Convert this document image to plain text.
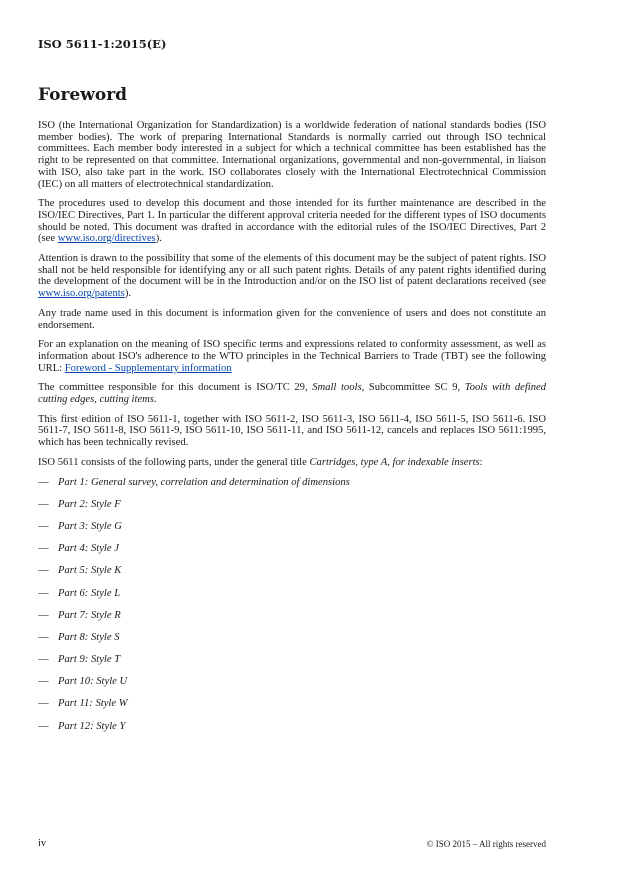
ISO 5611-1:2015(E)
Foreword

ISO (the International Organization for Standardization) is a worldwide federation of national standards bodies (ISO member bodies). The work of preparing International Standards is normally carried out through ISO technical committees. Each member body interested in a subject for which a technical committee has been established has the right to be represented on that committee. International organizations, governmental and non-governmental, in liaison with ISO, also take part in the work. ISO collaborates closely with the International Electrotechnical Commission (IEC) on all matters of electrotechnical standardization.

The procedures used to develop this document and those intended for its further maintenance are described in the ISO/IEC Directives, Part 1. In particular the different approval criteria needed for the different types of ISO documents should be noted. This document was drafted in accordance with the editorial rules of the ISO/IEC Directives, Part 2 (see www.iso.org/directives).

Attention is drawn to the possibility that some of the elements of this document may be the subject of patent rights. ISO shall not be held responsible for identifying any or all such patent rights. Details of any patent rights identified during the development of the document will be in the Introduction and/or on the ISO list of patent declarations received (see www.iso.org/patents).

Any trade name used in this document is information given for the convenience of users and does not constitute an endorsement.

For an explanation on the meaning of ISO specific terms and expressions related to conformity assessment, as well as information about ISO's adherence to the WTO principles in the Technical Barriers to Trade (TBT) see the following URL: Foreword - Supplementary information

The committee responsible for this document is ISO/TC 29, Small tools, Subcommittee SC 9, Tools with defined cutting edges, cutting items.

This first edition of ISO 5611-1, together with ISO 5611-2, ISO 5611-3, ISO 5611-4, ISO 5611-5, ISO 5611-6. ISO 5611-7, ISO 5611-8, ISO 5611-9, ISO 5611-10, ISO 5611-11, and ISO 5611-12, cancels and replaces ISO 5611:1995, which has been technically revised.

ISO 5611 consists of the following parts, under the general title Cartridges, type A, for indexable inserts:

— Part 1: General survey, correlation and determination of dimensions
— Part 2: Style F
— Part 3: Style G
— Part 4: Style J
— Part 5: Style K
— Part 6: Style L
— Part 7: Style R
— Part 8: Style S
— Part 9: Style T
— Part 10: Style U
— Part 11: Style W
— Part 12: Style Y
iv	© ISO 2015 – All rights reserved
